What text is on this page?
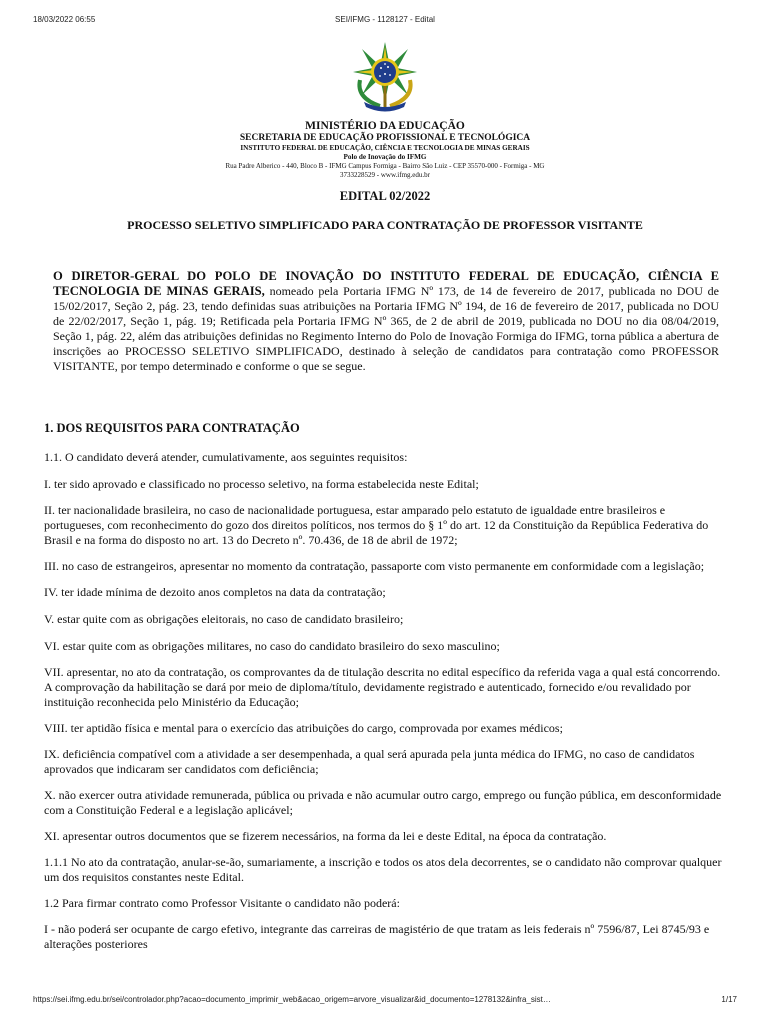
18/03/2022 06:55	SEI/IFMG - 1128127 - Edital
MINISTÉRIO DA EDUCAÇÃO
SECRETARIA DE EDUCAÇÃO PROFISSIONAL E TECNOLÓGICA
INSTITUTO FEDERAL DE EDUCAÇÃO, CIÊNCIA E TECNOLOGIA DE MINAS GERAIS
Polo de Inovação do IFMG
Rua Padre Alberico - 440, Bloco B - IFMG Campus Formiga - Bairro São Luiz - CEP 35570-000 - Formiga - MG
3733228529 - www.ifmg.edu.br
EDITAL 02/2022
PROCESSO SELETIVO SIMPLIFICADO PARA CONTRATAÇÃO DE PROFESSOR VISITANTE
O DIRETOR-GERAL DO POLO DE INOVAÇÃO DO INSTITUTO FEDERAL DE EDUCAÇÃO, CIÊNCIA E TECNOLOGIA DE MINAS GERAIS, nomeado pela Portaria IFMG Nº 173, de 14 de fevereiro de 2017, publicada no DOU de 15/02/2017, Seção 2, pág. 23, tendo definidas suas atribuições na Portaria IFMG Nº 194, de 16 de fevereiro de 2017, publicada no DOU de 22/02/2017, Seção 1, pág. 19; Retificada pela Portaria IFMG Nº 365, de 2 de abril de 2019, publicada no DOU no dia 08/04/2019, Seção 1, pág. 22, além das atribuições definidas no Regimento Interno do Polo de Inovação Formiga do IFMG, torna pública a abertura de inscrições ao PROCESSO SELETIVO SIMPLIFICADO, destinado à seleção de candidatos para contratação como PROFESSOR VISITANTE, por tempo determinado e conforme o que se segue.

1. DOS REQUISITOS PARA CONTRATAÇÃO

1.1. O candidato deverá atender, cumulativamente, aos seguintes requisitos:

I. ter sido aprovado e classificado no processo seletivo, na forma estabelecida neste Edital;

II. ter nacionalidade brasileira, no caso de nacionalidade portuguesa, estar amparado pelo estatuto de igualdade entre brasileiros e portugueses, com reconhecimento do gozo dos direitos políticos, nos termos do § 1º do art. 12 da Constituição da República Federativa do Brasil e na forma do disposto no art. 13 do Decreto nº. 70.436, de 18 de abril de 1972;

III. no caso de estrangeiros, apresentar no momento da contratação, passaporte com visto permanente em conformidade com a legislação;

IV. ter idade mínima de dezoito anos completos na data da contratação;

V. estar quite com as obrigações eleitorais, no caso de candidato brasileiro;

VI. estar quite com as obrigações militares, no caso do candidato brasileiro do sexo masculino;

VII. apresentar, no ato da contratação, os comprovantes da de titulação descrita no edital específico da referida vaga a qual está concorrendo. A comprovação da habilitação se dará por meio de diploma/título, devidamente registrado e autenticado, fornecido e/ou revalidado por instituição reconhecida pelo Ministério da Educação;

VIII. ter aptidão física e mental para o exercício das atribuições do cargo, comprovada por exames médicos;

IX. deficiência compatível com a atividade a ser desempenhada, a qual será apurada pela junta médica do IFMG, no caso de candidatos aprovados que indicaram ser candidatos com deficiência;

X. não exercer outra atividade remunerada, pública ou privada e não acumular outro cargo, emprego ou função pública, em desconformidade com a Constituição Federal e a legislação aplicável;

XI. apresentar outros documentos que se fizerem necessários, na forma da lei e deste Edital, na época da contratação.

1.1.1 No ato da contratação, anular-se-ão, sumariamente, a inscrição e todos os atos dela decorrentes, se o candidato não comprovar qualquer um dos requisitos constantes neste Edital.

1.2 Para firmar contrato como Professor Visitante o candidato não poderá:

I - não poderá ser ocupante de cargo efetivo, integrante das carreiras de magistério de que tratam as leis federais nº 7596/87, Lei 8745/93 e alterações posteriores

https://sei.ifmg.edu.br/sei/controlador.php?acao=documento_imprimir_web&acao_origem=arvore_visualizar&id_documento=1278132&infra_sist…	1/17
